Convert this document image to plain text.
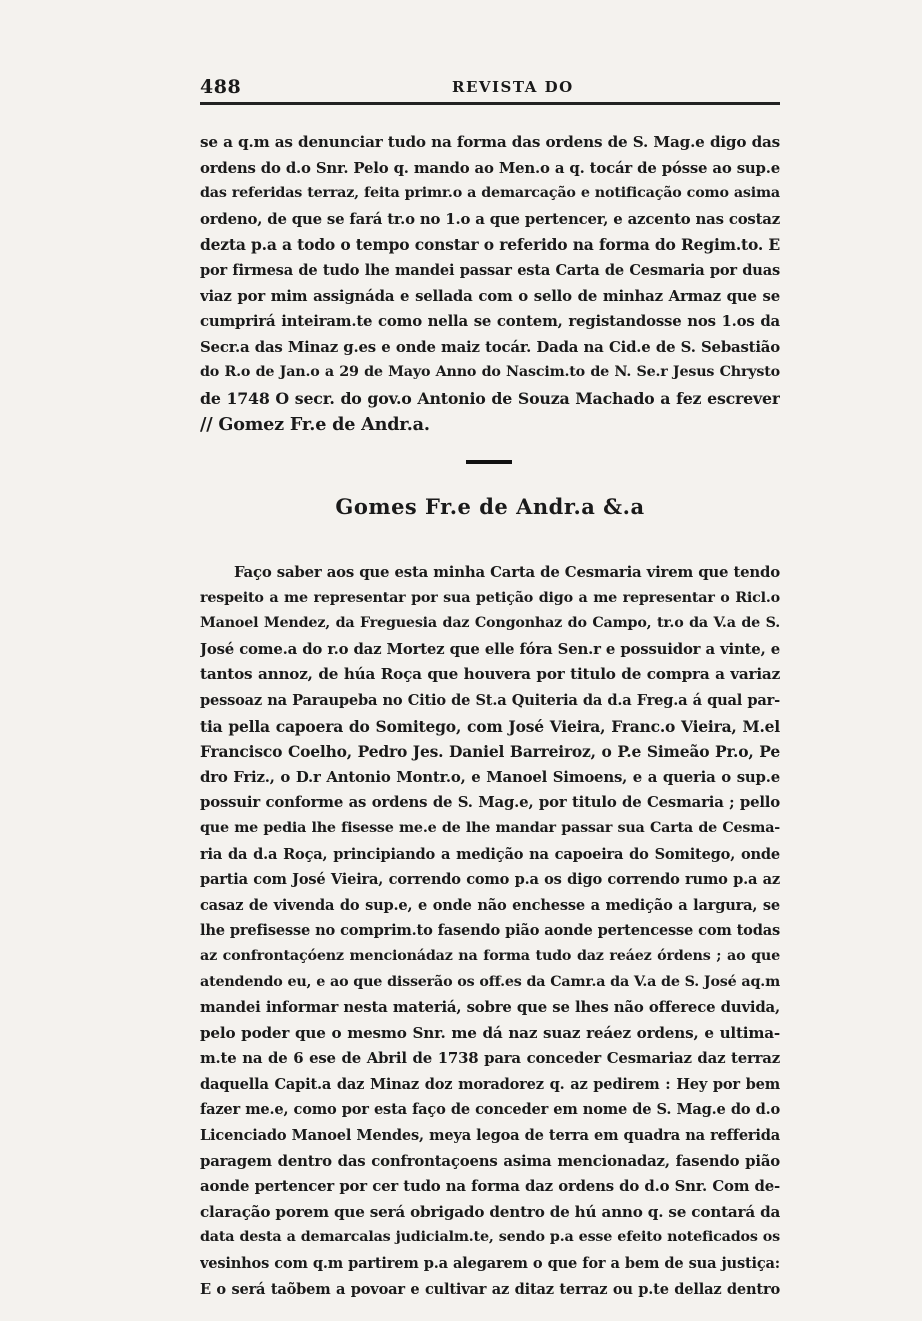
488	REVISTA DO
se a q.m as denunciar tudo na forma das ordens de S. Mag.e digo das
ordens do d.o Snr. Pelo q. mando ao Men.o a q. tocár de pósse ao sup.e
das referidas terraz, feita primr.o a demarcação e notificação como asima
ordeno, de que se fará tr.o no 1.o a que pertencer, e azcento nas costaz
dezta p.a a todo o tempo constar o referido na forma do Regim.to. E
por firmesa de tudo lhe mandei passar esta Carta de Cesmaria por duas
viaz por mim assignáda e sellada com o sello de minhaz Armaz que se
cumprirá inteiram.te como nella se contem, registandosse nos 1.os da
Secr.a das Minaz g.es e onde maiz tocár. Dada na Cid.e de S. Sebastião
do R.o de Jan.o a 29 de Mayo Anno do Nascim.to de N. Se.r Jesus Chrysto
de 1748 O secr. do gov.o Antonio de Souza Machado a fez escrever
// Gomez Fr.e de Andr.a.
Gomes Fr.e de Andr.a &.a
Faço saber aos que esta minha Carta de Cesmaria virem que tendo
respeito a me representar por sua petição digo a me representar o Ricl.o
Manoel Mendez, da Freguesia daz Congonhaz do Campo, tr.o da V.a de S.
José come.a do r.o daz Mortez que elle fóra Sen.r e possuidor a vinte, e
tantos annoz, de húa Roça que houvera por titulo de compra a variaz
pessoaz na Paraupeba no Citio de St.a Quiteria da d.a Freg.a á qual par-
tia pella capoera do Somitego, com José Vieira, Franc.o Vieira, M.el
Francisco Coelho, Pedro Jes. Daniel Barreiroz, o P.e Simeão Pr.o, Pe
dro Friz., o D.r Antonio Montr.o, e Manoel Simoens, e a queria o sup.e
possuir conforme as ordens de S. Mag.e, por titulo de Cesmaria ; pello
que me pedia lhe fisesse me.e de lhe mandar passar sua Carta de Cesma-
ria da d.a Roça, principiando a medição na capoeira do Somitego, onde
partia com José Vieira, correndo como p.a os digo correndo rumo p.a az
casaz de vivenda do sup.e, e onde não enchesse a medição a largura, se
lhe prefisesse no comprim.to fasendo pião aonde pertencesse com todas
az confrontaçóenz mencionádaz na forma tudo daz reáez órdens ; ao que
atendendo eu, e ao que disserão os off.es da Camr.a da V.a de S. José aq.m
mandei informar nesta materiá, sobre que se lhes não offerece duvida,
pelo poder que o mesmo Snr. me dá naz suaz reáez ordens, e ultima-
m.te na de 6 ese de Abril de 1738 para conceder Cesmariaz daz terraz
daquella Capit.a daz Minaz doz moradorez q. az pedirem : Hey por bem
fazer me.e, como por esta faço de conceder em nome de S. Mag.e do d.o
Licenciado Manoel Mendes, meya legoa de terra em quadra na refferida
paragem dentro das confrontaçoens asima mencionadaz, fasendo pião
aonde pertencer por cer tudo na forma daz ordens do d.o Snr. Com de-
claração porem que será obrigado dentro de hú anno q. se contará da
data desta a demarcalas judicialm.te, sendo p.a esse efeito noteficados os
vesinhos com q.m partirem p.a alegarem o que for a bem de sua justiça:
E o será taõbem a povoar e cultivar az ditaz terraz ou p.te dellaz dentro
